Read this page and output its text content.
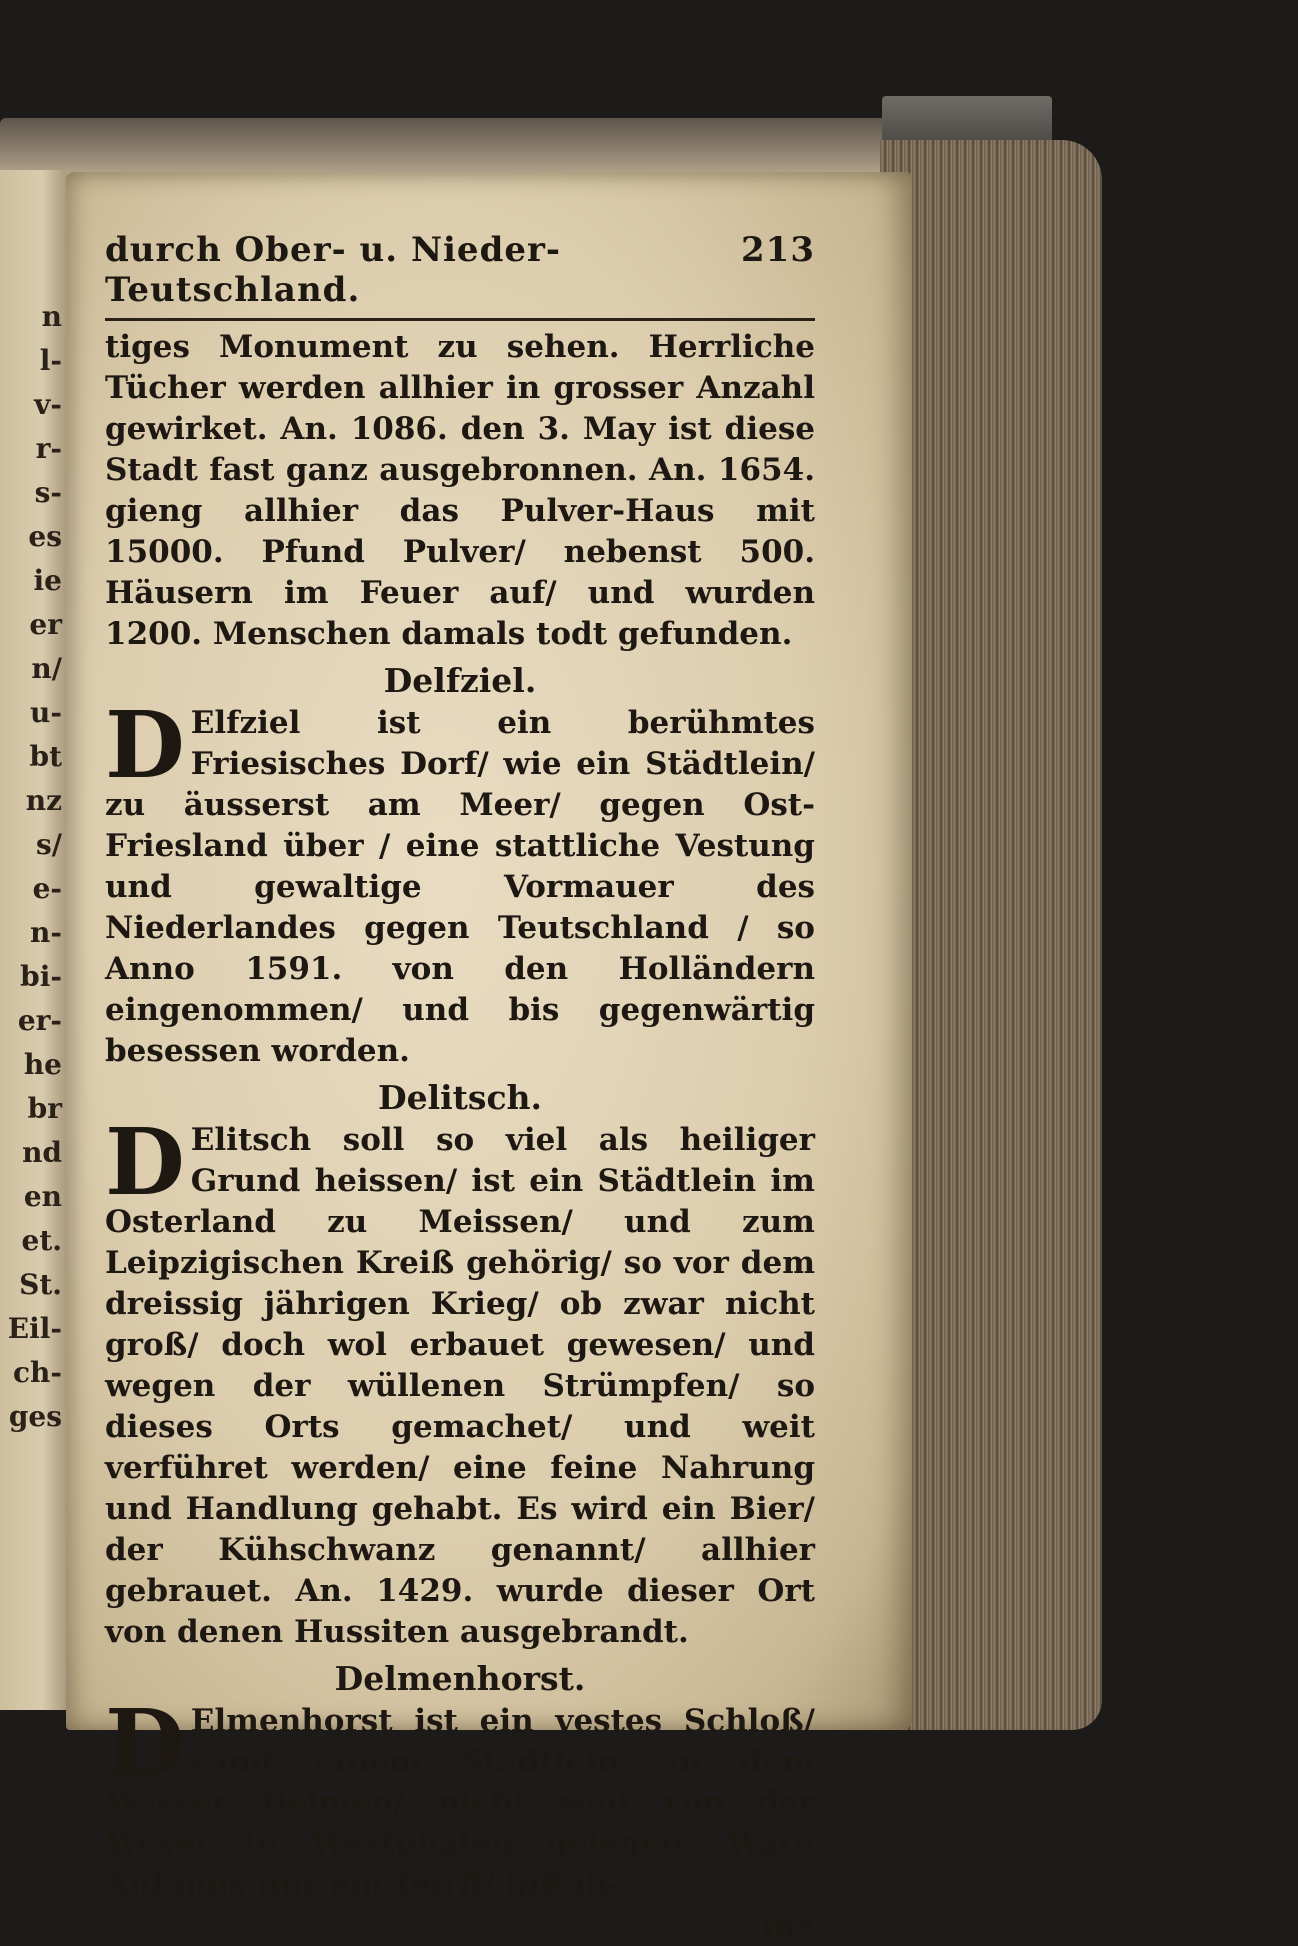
n
l-
v-
r-
s-
es
ie
er
n/
u-
bt
nz
s/
e-
n-
bi-
er-
he
br
nd
en
et.
St.
Eil-
ch-
ges
durch Ober- u. Nieder-Teutschland.
213

tiges Monument zu sehen. Herrliche Tücher werden allhier in grosser Anzahl gewirket. An. 1086. den 3. May ist diese Stadt fast ganz ausgebronnen. An. 1654. gieng allhier das Pulver-Haus mit 15000. Pfund Pulver/ nebenst 500. Häusern im Feuer auf/ und wurden 1200. Menschen damals todt gefunden.

Delfziel.

D Elfziel ist ein berühmtes Friesisches Dorf/ wie ein Städtlein/ zu äusserst am Meer/ gegen Ost-Friesland über / eine stattliche Vestung und gewaltige Vormauer des Niederlandes gegen Teutschland / so Anno 1591. von den Holländern eingenommen/ und bis gegenwärtig besessen worden.

Delitsch.

D Elitsch soll so viel als heiliger Grund heissen/ ist ein Städtlein im Osterland zu Meissen/ und zum Leipzigischen Kreiß gehörig/ so vor dem dreissig jährigen Krieg/ ob zwar nicht groß/ doch wol erbauet gewesen/ und wegen der wüllenen Strümpfen/ so dieses Orts gemachet/ und weit verführet werden/ eine feine Nahrung und Handlung gehabt. Es wird ein Bier/ der Kühschwanz genannt/ allhier gebrauet. An. 1429. wurde dieser Ort von denen Hussiten ausgebrandt.

Delmenhorst.

D Elmenhorst ist ein vestes Schloß/ samt einem Städtlein an dem Wasser Delmen/ nicht weit von der Weser in Westphalen gelegen. Ware Anfangs nur ein Dorff/ biß ih-

me
